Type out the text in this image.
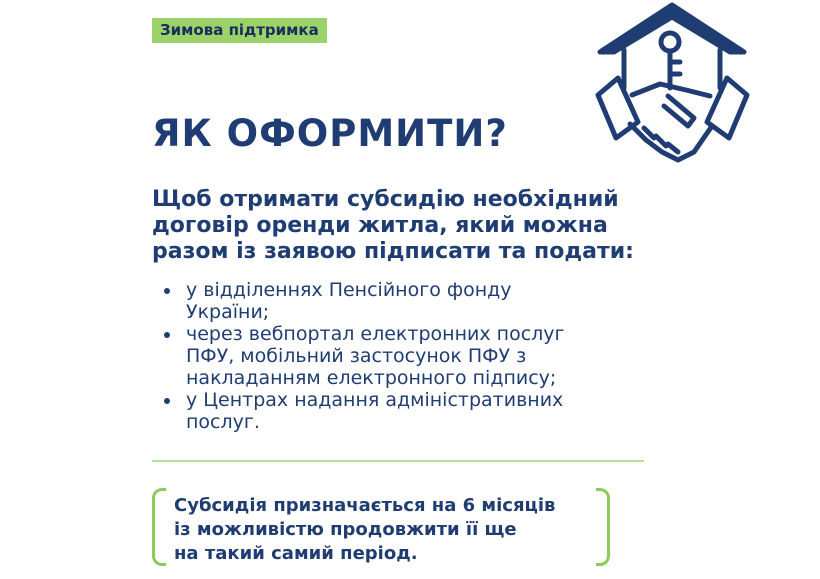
Зимова підтримка
ЯК ОФОРМИТИ?

Щоб отримати субсидію необхідний
договір оренди житла, який можна
разом із заявою підписати та подати:

у відділеннях Пенсійного фонду
України;
через вебпортал електронних послуг
ПФУ, мобільний застосунок ПФУ з
накладанням електронного підпису;
у Центрах надання адміністративних
послуг.

Субсидія призначається на 6 місяців
із можливістю продовжити її ще
на такий самий період.
